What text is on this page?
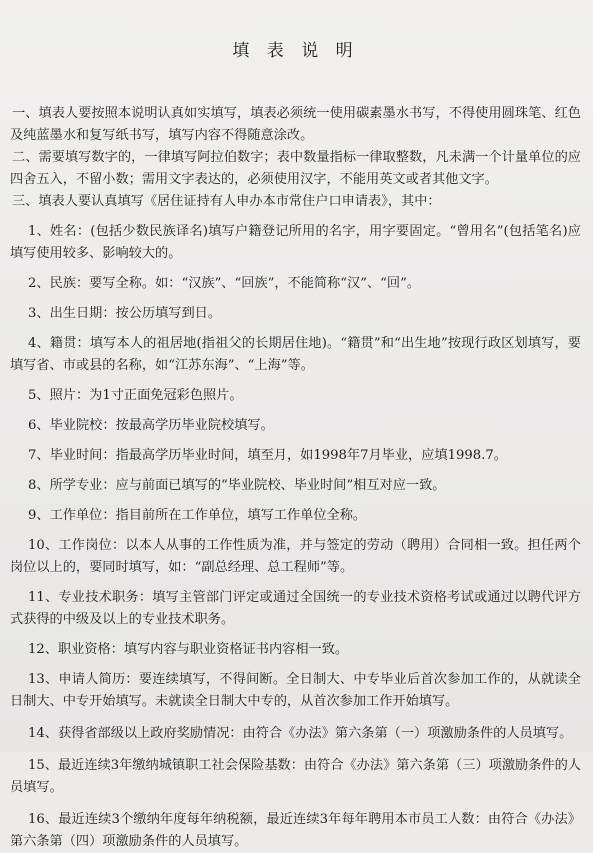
填 表 说 明

一、填表人要按照本说明认真如实填写，填表必须统一使用碳素墨水书写，不得使用圆珠笔、红色及纯蓝墨水和复写纸书写，填写内容不得随意涂改。

二、需要填写数字的，一律填写阿拉伯数字；表中数量指标一律取整数，凡未满一个计量单位的应四舍五入，不留小数；需用文字表达的，必须使用汉字，不能用英文或者其他文字。

三、填表人要认真填写《居住证持有人申办本市常住户口申请表》，其中：

1、姓名：(包括少数民族译名)填写户籍登记所用的名字，用字要固定。“曾用名”(包括笔名)应填写使用较多、影响较大的。

2、民族：要写全称。如：“汉族”、“回族”，不能简称“汉”、“回”。

3、出生日期：按公历填写到日。

4、籍贯：填写本人的祖居地(指祖父的长期居住地)。“籍贯”和“出生地”按现行政区划填写，要填写省、市或县的名称，如“江苏东海”、“上海”等。

5、照片：为1寸正面免冠彩色照片。

6、毕业院校：按最高学历毕业院校填写。

7、毕业时间：指最高学历毕业时间，填至月，如1998年7月毕业，应填1998.7。

8、所学专业：应与前面已填写的“毕业院校、毕业时间”相互对应一致。

9、工作单位：指目前所在工作单位，填写工作单位全称。

10、工作岗位：以本人从事的工作性质为准，并与签定的劳动（聘用）合同相一致。担任两个岗位以上的，要同时填写，如：“副总经理、总工程师”等。

11、专业技术职务：填写主管部门评定或通过全国统一的专业技术资格考试或通过以聘代评方式获得的中级及以上的专业技术职务。

12、职业资格：填写内容与职业资格证书内容相一致。

13、申请人简历：要连续填写，不得间断。全日制大、中专毕业后首次参加工作的，从就读全日制大、中专开始填写。未就读全日制大中专的，从首次参加工作开始填写。

14、获得省部级以上政府奖励情况：由符合《办法》第六条第（一）项激励条件的人员填写。

15、最近连续3年缴纳城镇职工社会保险基数：由符合《办法》第六条第（三）项激励条件的人员填写。

16、最近连续3个缴纳年度每年纳税额，最近连续3年每年聘用本市员工人数：由符合《办法》第六条第（四）项激励条件的人员填写。
